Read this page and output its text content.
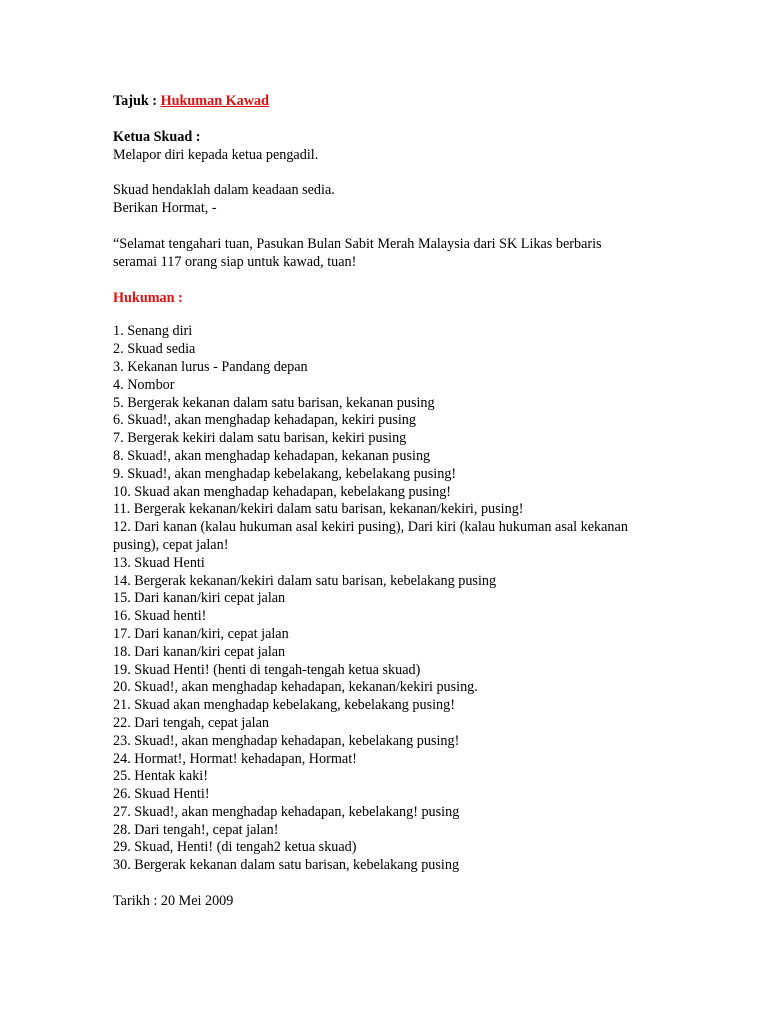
Tajuk : Hukuman Kawad

Ketua Skuad :

Melapor diri kepada ketua pengadil.

Skuad hendaklah dalam keadaan sedia.

Berikan Hormat, -

“Selamat tengahari tuan, Pasukan Bulan Sabit Merah Malaysia dari SK Likas berbaris seramai 117 orang siap untuk kawad, tuan!

Hukuman :

1. Senang diri
2. Skuad sedia
3. Kekanan lurus - Pandang depan
4. Nombor
5. Bergerak kekanan dalam satu barisan, kekanan pusing
6. Skuad!, akan menghadap kehadapan, kekiri pusing
7. Bergerak kekiri dalam satu barisan, kekiri pusing
8. Skuad!, akan menghadap kehadapan, kekanan pusing
9. Skuad!, akan menghadap kebelakang, kebelakang pusing!
10. Skuad akan menghadap kehadapan, kebelakang pusing!
11. Bergerak kekanan/kekiri dalam satu barisan, kekanan/kekiri, pusing!
12. Dari kanan (kalau hukuman asal kekiri pusing), Dari kiri (kalau hukuman asal kekanan pusing), cepat jalan!
13. Skuad Henti
14. Bergerak kekanan/kekiri dalam satu barisan, kebelakang pusing
15. Dari kanan/kiri cepat jalan
16. Skuad henti!
17. Dari kanan/kiri, cepat jalan
18. Dari kanan/kiri cepat jalan
19. Skuad Henti! (henti di tengah-tengah ketua skuad)
20. Skuad!, akan menghadap kehadapan, kekanan/kekiri pusing.
21. Skuad akan menghadap kebelakang, kebelakang pusing!
22. Dari tengah, cepat jalan
23. Skuad!, akan menghadap kehadapan, kebelakang pusing!
24. Hormat!, Hormat! kehadapan, Hormat!
25. Hentak kaki!
26. Skuad Henti!
27. Skuad!, akan menghadap kehadapan, kebelakang! pusing
28. Dari tengah!, cepat jalan!
29. Skuad, Henti! (di tengah2 ketua skuad)
30. Bergerak kekanan dalam satu barisan, kebelakang pusing

Tarikh : 20 Mei 2009
